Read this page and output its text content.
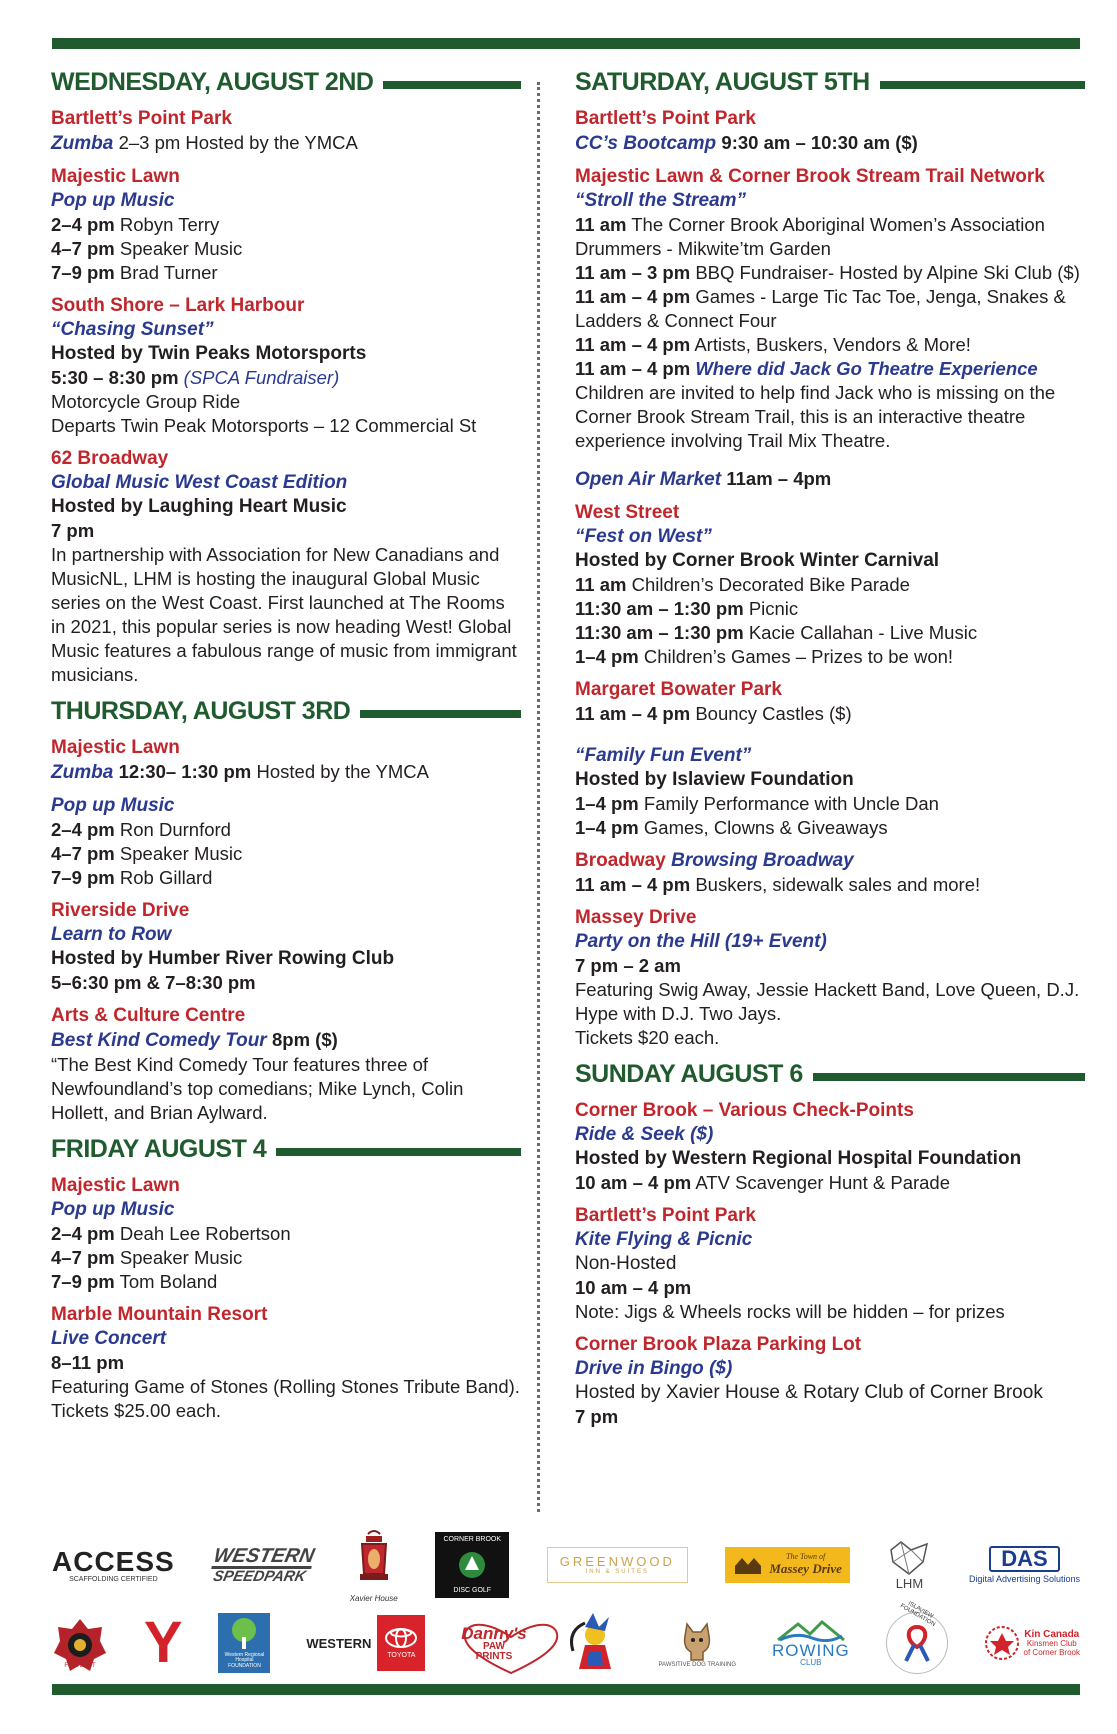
WEDNESDAY, AUGUST 2ND
Bartlett’s Point Park
Zumba 2–3 pm Hosted by the YMCA
Majestic Lawn
Pop up Music
2–4 pm Robyn Terry
4–7 pm Speaker Music
7–9 pm Brad Turner
South Shore – Lark Harbour
“Chasing Sunset”
Hosted by Twin Peaks Motorsports
5:30 – 8:30 pm (SPCA Fundraiser)
Motorcycle Group Ride
Departs Twin Peak Motorsports – 12 Commercial St
62 Broadway
Global Music West Coast Edition
Hosted by Laughing Heart Music
7 pm
In partnership with Association for New Canadians and MusicNL, LHM is hosting the inaugural Global Music series on the West Coast. First launched at The Rooms in 2021, this popular series is now heading West! Global Music features a fabulous range of music from immigrant musicians.
THURSDAY, AUGUST 3RD
Majestic Lawn
Zumba 12:30– 1:30 pm Hosted by the YMCA
Pop up Music
2–4 pm Ron Durnford
4–7 pm Speaker Music
7–9 pm Rob Gillard
Riverside Drive
Learn to Row
Hosted by Humber River Rowing Club
5–6:30 pm & 7–8:30 pm
Arts & Culture Centre
Best Kind Comedy Tour 8pm ($)
“The Best Kind Comedy Tour features three of Newfoundland’s top comedians; Mike Lynch, Colin Hollett, and Brian Aylward.
FRIDAY AUGUST 4
Majestic Lawn
Pop up Music
2–4 pm Deah Lee Robertson
4–7 pm Speaker Music
7–9 pm Tom Boland
Marble Mountain Resort
Live Concert
8–11 pm
Featuring Game of Stones (Rolling Stones Tribute Band). Tickets $25.00 each.
SATURDAY, AUGUST 5TH
Bartlett’s Point Park
CC’s Bootcamp 9:30 am – 10:30 am ($)
Majestic Lawn & Corner Brook Stream Trail Network
“Stroll the Stream”
11 am The Corner Brook Aboriginal Women’s Association Drummers - Mikwite’tm Garden
11 am – 3 pm BBQ Fundraiser- Hosted by Alpine Ski Club ($)
11 am – 4 pm Games - Large Tic Tac Toe, Jenga, Snakes & Ladders & Connect Four
11 am – 4 pm Artists, Buskers, Vendors & More!
11 am – 4 pm Where did Jack Go Theatre Experience
Children are invited to help find Jack who is missing on the Corner Brook Stream Trail, this is an interactive theatre experience involving Trail Mix Theatre.
Open Air Market 11am – 4pm
West Street
“Fest on West”
Hosted by Corner Brook Winter Carnival
11 am Children’s Decorated Bike Parade
11:30 am – 1:30 pm Picnic
11:30 am – 1:30 pm Kacie Callahan - Live Music
1–4 pm Children’s Games – Prizes to be won!
Margaret Bowater Park
11 am – 4 pm Bouncy Castles ($)
“Family Fun Event”
Hosted by Islaview Foundation
1–4 pm Family Performance with Uncle Dan
1–4 pm Games, Clowns & Giveaways
Broadway Browsing Broadway
11 am – 4 pm Buskers, sidewalk sales and more!
Massey Drive
Party on the Hill (19+ Event)
7 pm – 2 am
Featuring Swig Away, Jessie Hackett Band, Love Queen, D.J. Hype with D.J. Two Jays.
Tickets $20 each.
SUNDAY AUGUST 6
Corner Brook – Various Check-Points
Ride & Seek ($)
Hosted by Western Regional Hospital Foundation
10 am – 4 pm ATV Scavenger Hunt & Parade
Bartlett’s Point Park
Kite Flying & Picnic
Non-Hosted
10 am – 4 pm
Note: Jigs & Wheels rocks will be hidden – for prizes
Corner Brook Plaza Parking Lot
Drive in Bingo ($)
Hosted by Xavier House & Rotary Club of Corner Brook
7 pm
ACCESS
SCAFFOLDING CERTIFIED
WESTERN
SPEEDPARK
Xavier House
CORNER BROOK
DISC GOLF
GREENWOOD
INN & SUITES
The Town of
Massey Drive
LHM
DAS
Digital Advertising Solutions
FIRE DEPT Y	Western Regional Hospital FOUNDATION
WESTERN
TOYOTA
Danny's
PAW
PRINTS
PAWSITIVE DOG TRAINING
ROWING
CLUB
ISLAVIEW FOUNDATION
Kin Canada
Kinsmen Club
of Corner Brook
